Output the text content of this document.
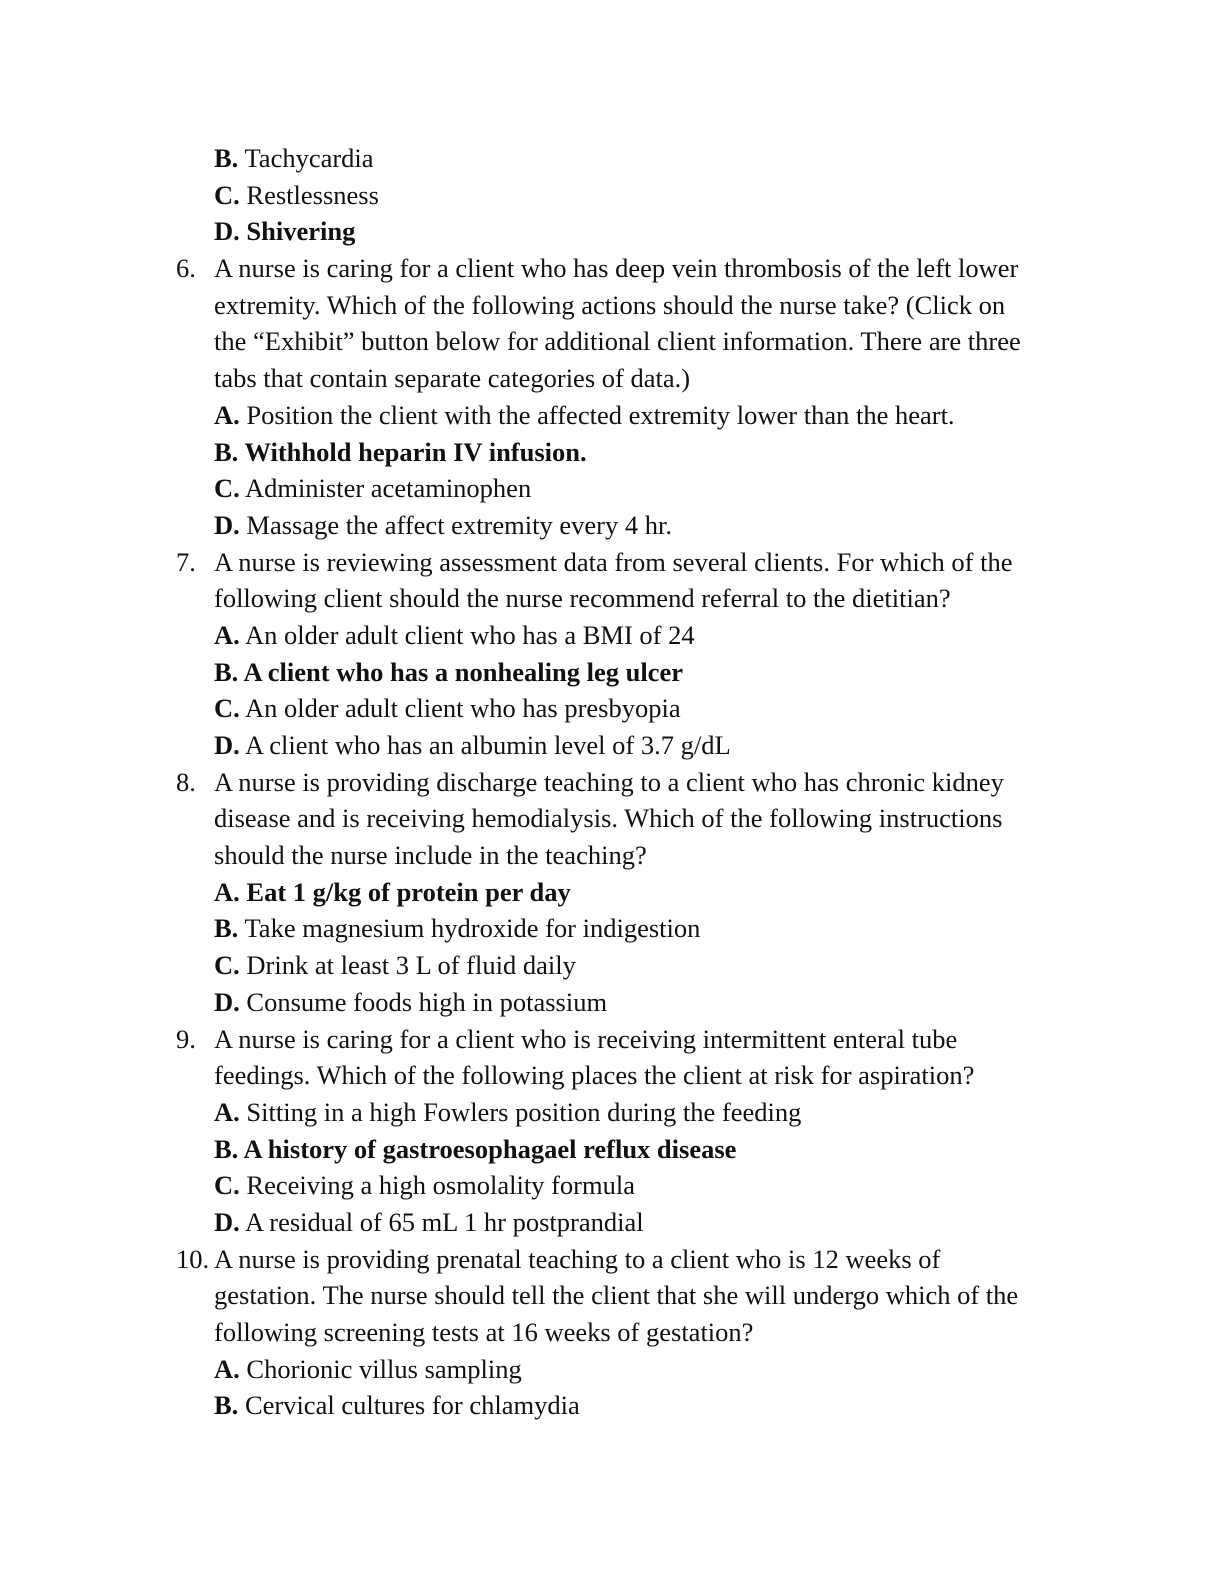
B. Tachycardia
C. Restlessness
D. Shivering
6. A nurse is caring for a client who has deep vein thrombosis of the left lower
extremity. Which of the following actions should the nurse take? (Click on
the “Exhibit” button below for additional client information. There are three
tabs that contain separate categories of data.)
A. Position the client with the affected extremity lower than the heart.
B. Withhold heparin IV infusion.
C. Administer acetaminophen
D. Massage the affect extremity every 4 hr.
7. A nurse is reviewing assessment data from several clients. For which of the
following client should the nurse recommend referral to the dietitian?
A. An older adult client who has a BMI of 24
B. A client who has a nonhealing leg ulcer
C. An older adult client who has presbyopia
D. A client who has an albumin level of 3.7 g/dL
8. A nurse is providing discharge teaching to a client who has chronic kidney
disease and is receiving hemodialysis. Which of the following instructions
should the nurse include in the teaching?
A. Eat 1 g/kg of protein per day
B. Take magnesium hydroxide for indigestion
C. Drink at least 3 L of fluid daily
D. Consume foods high in potassium
9. A nurse is caring for a client who is receiving intermittent enteral tube
feedings. Which of the following places the client at risk for aspiration?
A. Sitting in a high Fowlers position during the feeding
B. A history of gastroesophagael reflux disease
C. Receiving a high osmolality formula
D. A residual of 65 mL 1 hr postprandial
10. A nurse is providing prenatal teaching to a client who is 12 weeks of
gestation. The nurse should tell the client that she will undergo which of the
following screening tests at 16 weeks of gestation?
A. Chorionic villus sampling
B. Cervical cultures for chlamydia
